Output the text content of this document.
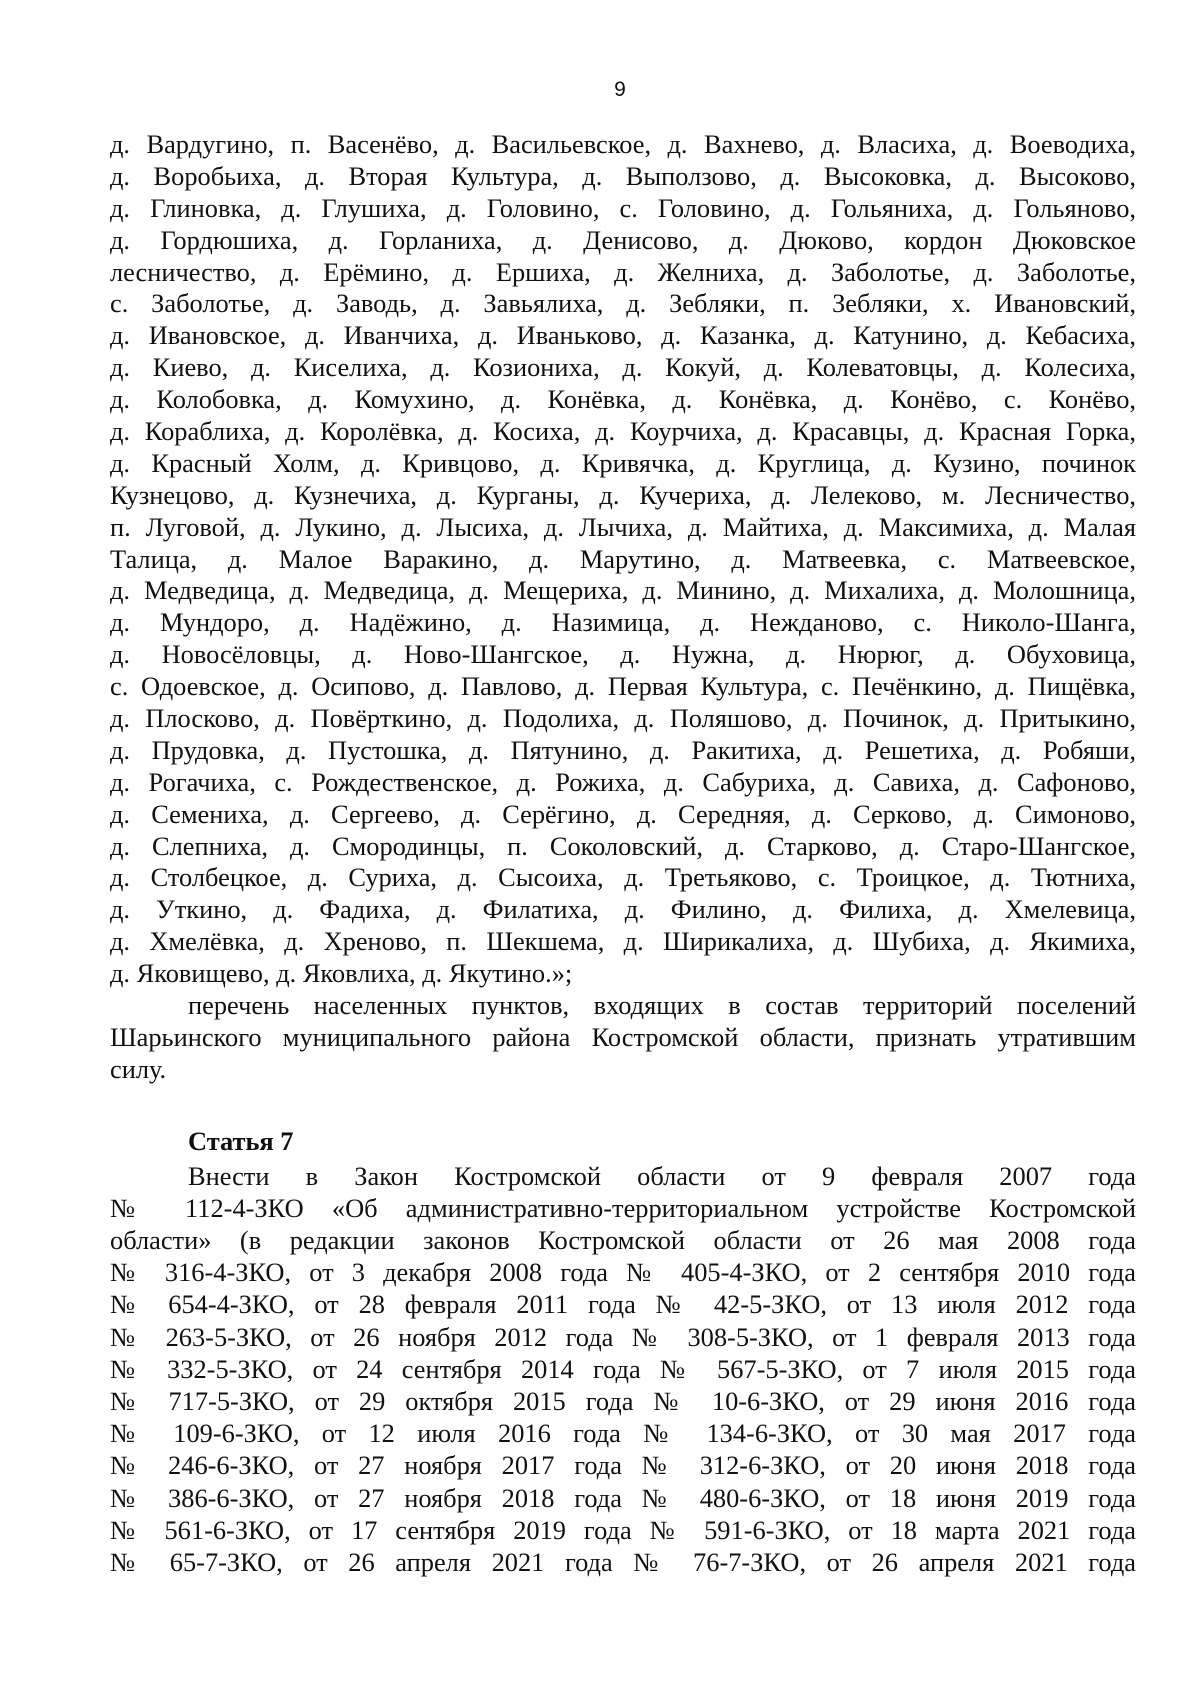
9
д. Вардугино, п. Васенёво, д. Васильевское, д. Вахнево, д. Власиха, д. Воеводиха,
д. Воробьиха, д. Вторая Культура, д. Выползово, д. Высоковка, д. Высоково,
д. Глиновка, д. Глушиха, д. Головино, с. Головино, д. Гольяниха, д. Гольяново,
д. Гордюшиха, д. Горланиха, д. Денисово, д. Дюково, кордон Дюковское
лесничество, д. Ерёмино, д. Ершиха, д. Желниха, д. Заболотье, д. Заболотье,
с. Заболотье, д. Заводь, д. Завьялиха, д. Зебляки, п. Зебляки, х. Ивановский,
д. Ивановское, д. Иванчиха, д. Иваньково, д. Казанка, д. Катунино, д. Кебасиха,
д. Киево, д. Киселиха, д. Козиониха, д. Кокуй, д. Колеватовцы, д. Колесиха,
д. Колобовка, д. Комухино, д. Конёвка, д. Конёвка, д. Конёво, с. Конёво,
д. Кораблиха, д. Королёвка, д. Косиха, д. Коурчиха, д. Красавцы, д. Красная Горка,
д. Красный Холм, д. Кривцово, д. Кривячка, д. Круглица, д. Кузино, починок
Кузнецово, д. Кузнечиха, д. Курганы, д. Кучериха, д. Лелеково, м. Лесничество,
п. Луговой, д. Лукино, д. Лысиха, д. Лычиха, д. Майтиха, д. Максимиха, д. Малая
Талица, д. Малое Варакино, д. Марутино, д. Матвеевка, с. Матвеевское,
д. Медведица, д. Медведица, д. Мещериха, д. Минино, д. Михалиха, д. Молошница,
д. Мундоро, д. Надёжино, д. Назимица, д. Нежданово, с. Николо-Шанга,
д. Новосёловцы, д. Ново-Шангское, д. Нужна, д. Нюрюг, д. Обуховица,
с. Одоевское, д. Осипово, д. Павлово, д. Первая Культура, с. Печёнкино, д. Пищёвка,
д. Плосково, д. Повёрткино, д. Подолиха, д. Поляшово, д. Починок, д. Притыкино,
д. Прудовка, д. Пустошка, д. Пятунино, д. Ракитиха, д. Решетиха, д. Робяши,
д. Рогачиха, с. Рождественское, д. Рожиха, д. Сабуриха, д. Савиха, д. Сафоново,
д. Семениха, д. Сергеево, д. Серёгино, д. Середняя, д. Серково, д. Симоново,
д. Слепниха, д. Смородинцы, п. Соколовский, д. Старково, д. Старо-Шангское,
д. Столбецкое, д. Суриха, д. Сысоиха, д. Третьяково, с. Троицкое, д. Тютниха,
д. Уткино, д. Фадиха, д. Филатиха, д. Филино, д. Филиха, д. Хмелевица,
д. Хмелёвка, д. Хреново, п. Шекшема, д. Ширикалиха, д. Шубиха, д. Якимиха,
д. Яковищево, д. Яковлиха, д. Якутино.»;
перечень населенных пунктов, входящих в состав территорий поселений
Шарьинского муниципального района Костромской области, признать утратившим
силу.
Статья 7
Внести в Закон Костромской области от 9 февраля 2007 года
№ 112-4-ЗКО «Об административно-территориальном устройстве Костромской
области» (в редакции законов Костромской области от 26 мая 2008 года
№ 316-4-ЗКО, от 3 декабря 2008 года № 405-4-ЗКО, от 2 сентября 2010 года
№ 654-4-ЗКО, от 28 февраля 2011 года № 42-5-ЗКО, от 13 июля 2012 года
№ 263-5-ЗКО, от 26 ноября 2012 года № 308-5-ЗКО, от 1 февраля 2013 года
№ 332-5-ЗКО, от 24 сентября 2014 года № 567-5-ЗКО, от 7 июля 2015 года
№ 717-5-ЗКО, от 29 октября 2015 года № 10-6-ЗКО, от 29 июня 2016 года
№ 109-6-ЗКО, от 12 июля 2016 года № 134-6-ЗКО, от 30 мая 2017 года
№ 246-6-ЗКО, от 27 ноября 2017 года № 312-6-ЗКО, от 20 июня 2018 года
№ 386-6-ЗКО, от 27 ноября 2018 года № 480-6-ЗКО, от 18 июня 2019 года
№ 561-6-ЗКО, от 17 сентября 2019 года № 591-6-ЗКО, от 18 марта 2021 года
№ 65-7-ЗКО, от 26 апреля 2021 года № 76-7-ЗКО, от 26 апреля 2021 года
